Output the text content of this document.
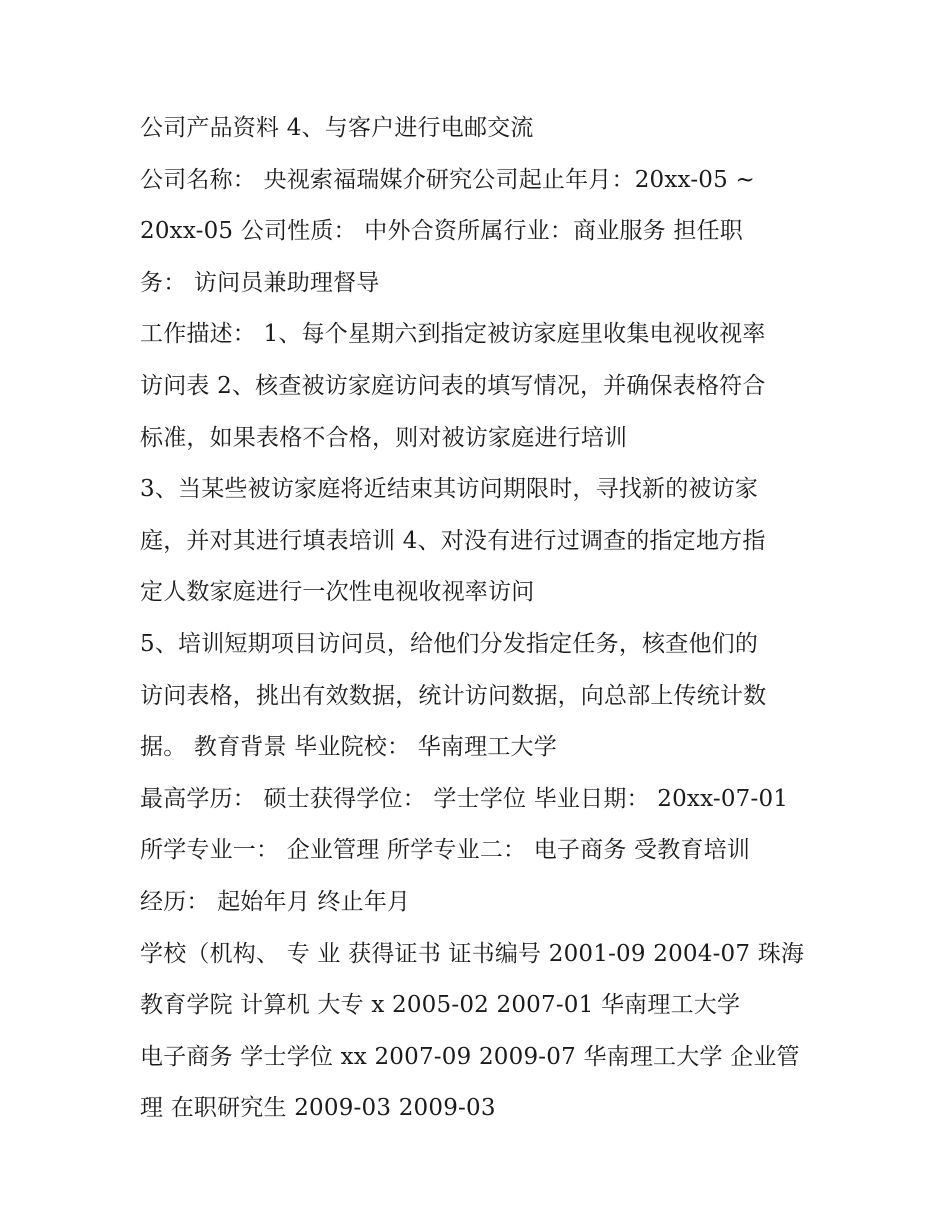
公司产品资料 4、与客户进行电邮交流
公司名称： 央视索福瑞媒介研究公司起止年月：20xx-05 ~
20xx-05 公司性质： 中外合资所属行业：商业服务 担任职
务： 访问员兼助理督导
工作描述： 1、每个星期六到指定被访家庭里收集电视收视率
访问表 2、核查被访家庭访问表的填写情况，并确保表格符合
标准，如果表格不合格，则对被访家庭进行培训
3、当某些被访家庭将近结束其访问期限时，寻找新的被访家
庭，并对其进行填表培训 4、对没有进行过调查的指定地方指
定人数家庭进行一次性电视收视率访问
5、培训短期项目访问员，给他们分发指定任务，核查他们的
访问表格，挑出有效数据，统计访问数据，向总部上传统计数
据。 教育背景 毕业院校： 华南理工大学
最高学历： 硕士获得学位： 学士学位 毕业日期： 20xx-07-01
所学专业一： 企业管理 所学专业二： 电子商务 受教育培训
经历： 起始年月 终止年月
学校（机构、 专 业 获得证书 证书编号 2001-09 2004-07 珠海
教育学院 计算机 大专 x 2005-02 2007-01 华南理工大学
电子商务 学士学位 xx 2007-09 2009-07 华南理工大学 企业管
理 在职研究生 2009-03 2009-03
